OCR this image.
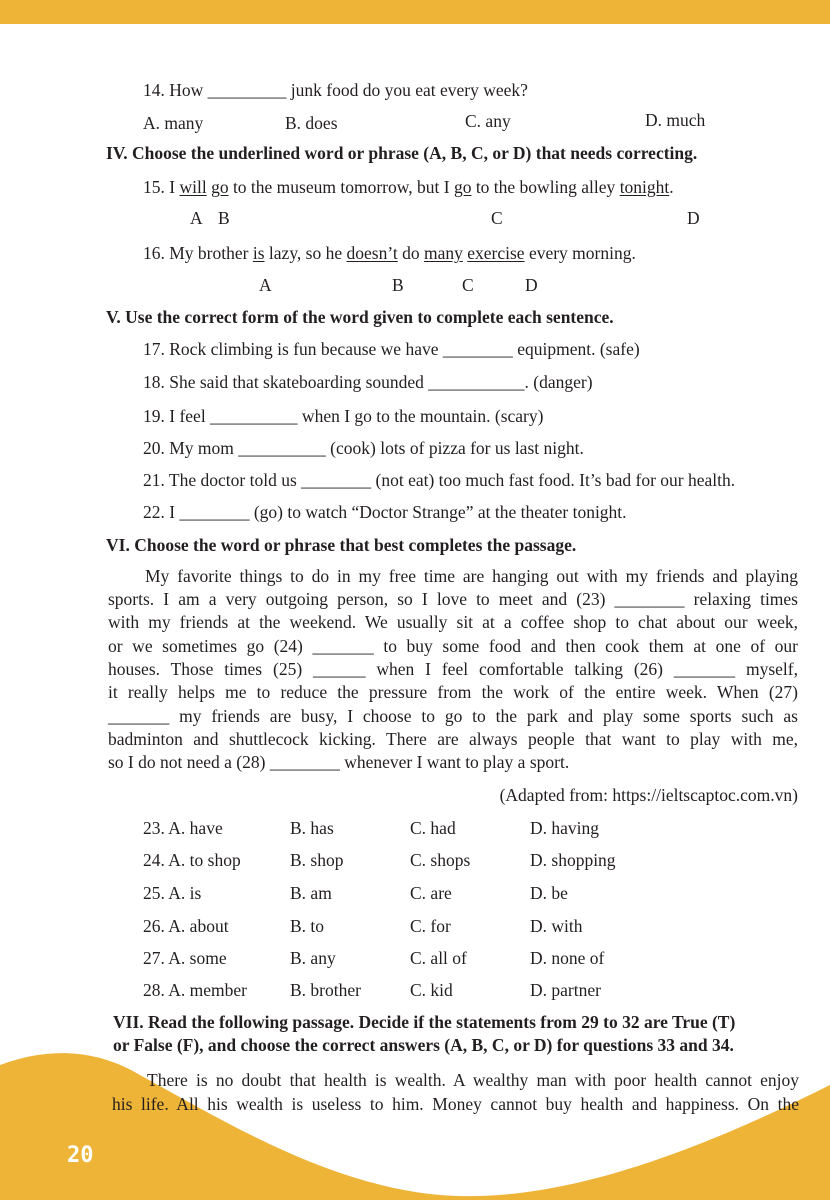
14. How _________ junk food do you eat every week?
A. many	B. does	C. any	D. much
IV. Choose the underlined word or phrase (A, B, C, or D) that needs correcting.
15. I will go to the museum tomorrow, but I go to the bowling alley tonight.
A B	C	D
16. My brother is lazy, so he doesn’t do many exercise every morning.
A	B	C	D
V. Use the correct form of the word given to complete each sentence.
17. Rock climbing is fun because we have ________ equipment. (safe)
18. She said that skateboarding sounded ___________. (danger)
19. I feel __________ when I go to the mountain. (scary)
20. My mom __________ (cook) lots of pizza for us last night.
21. The doctor told us ________ (not eat) too much fast food. It’s bad for our health.
22. I ________ (go) to watch “Doctor Strange” at the theater tonight.
VI. Choose the word or phrase that best completes the passage.
My favorite things to do in my free time are hanging out with my friends and playing
sports. I am a very outgoing person, so I love to meet and (23) ________ relaxing times
with my friends at the weekend. We usually sit at a coffee shop to chat about our week,
or we sometimes go (24) _______ to buy some food and then cook them at one of our
houses. Those times (25) ______ when I feel comfortable talking (26) _______ myself,
it really helps me to reduce the pressure from the work of the entire week. When (27)
_______ my friends are busy, I choose to go to the park and play some sports such as
badminton and shuttlecock kicking. There are always people that want to play with me,
so I do not need a (28) ________ whenever I want to play a sport.
(Adapted from: https://ieltscaptoc.com.vn)
23. A. have	B. has	C. had	D. having
24. A. to shop	B. shop	C. shops	D. shopping
25. A. is	B. am	C. are	D. be
26. A. about	B. to	C. for	D. with
27. A. some	B. any	C. all of	D. none of
28. A. member B. brother	C. kid	D. partner
VII. Read the following passage. Decide if the statements from 29 to 32 are True (T)
or False (F), and choose the correct answers (A, B, C, or D) for questions 33 and 34.
There is no doubt that health is wealth. A wealthy man with poor health cannot enjoy
his life. All his wealth is useless to him. Money cannot buy health and happiness. On the
20
